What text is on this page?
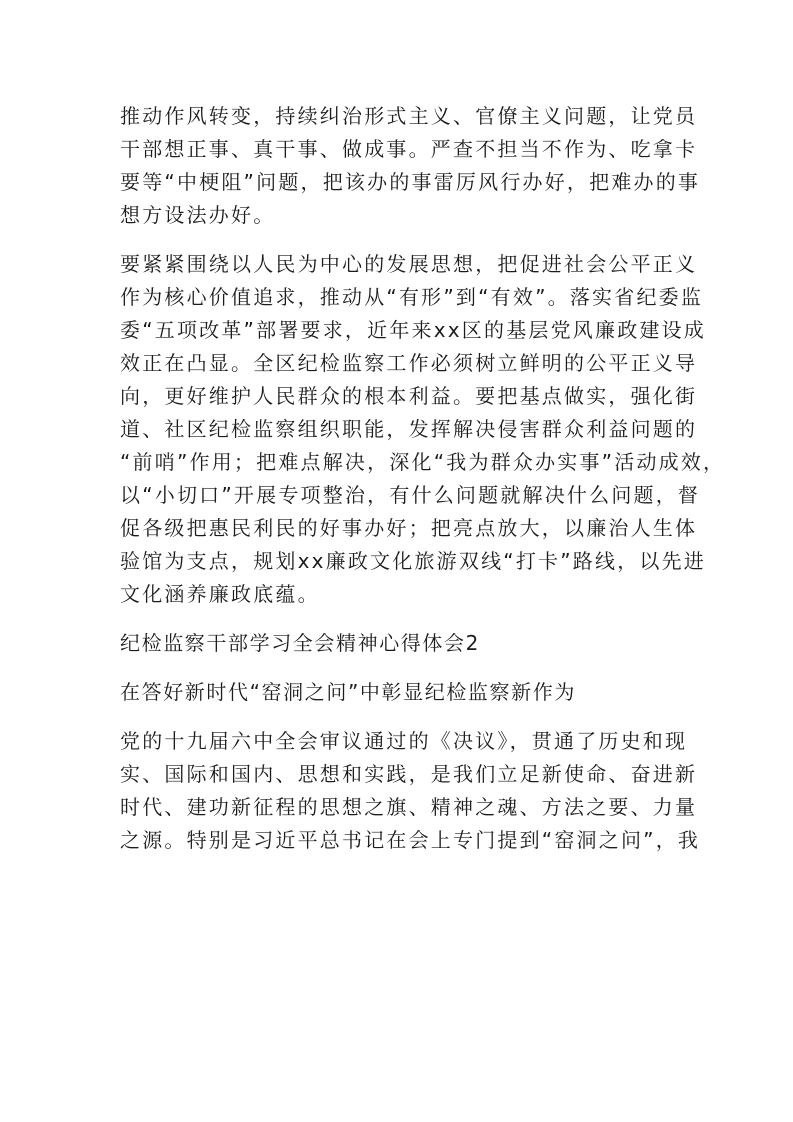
推动作风转变，持续纠治形式主义、官僚主义问题，让党员
干部想正事、真干事、做成事。严查不担当不作为、吃拿卡
要等“中梗阻”问题，把该办的事雷厉风行办好，把难办的事
想方设法办好。
要紧紧围绕以人民为中心的发展思想，把促进社会公平正义
作为核心价值追求，推动从“有形”到“有效”。落实省纪委监
委“五项改革”部署要求，近年来xx区的基层党风廉政建设成
效正在凸显。全区纪检监察工作必须树立鲜明的公平正义导
向，更好维护人民群众的根本利益。要把基点做实，强化街
道、社区纪检监察组织职能，发挥解决侵害群众利益问题的
“前哨”作用；把难点解决，深化“我为群众办实事”活动成效，
以“小切口”开展专项整治，有什么问题就解决什么问题，督
促各级把惠民利民的好事办好；把亮点放大，以廉治人生体
验馆为支点，规划xx廉政文化旅游双线“打卡”路线，以先进
文化涵养廉政底蕴。
纪检监察干部学习全会精神心得体会2
在答好新时代“窑洞之问”中彰显纪检监察新作为
党的十九届六中全会审议通过的《决议》，贯通了历史和现
实、国际和国内、思想和实践，是我们立足新使命、奋进新
时代、建功新征程的思想之旗、精神之魂、方法之要、力量
之源。特别是习近平总书记在会上专门提到“窑洞之问”，我
